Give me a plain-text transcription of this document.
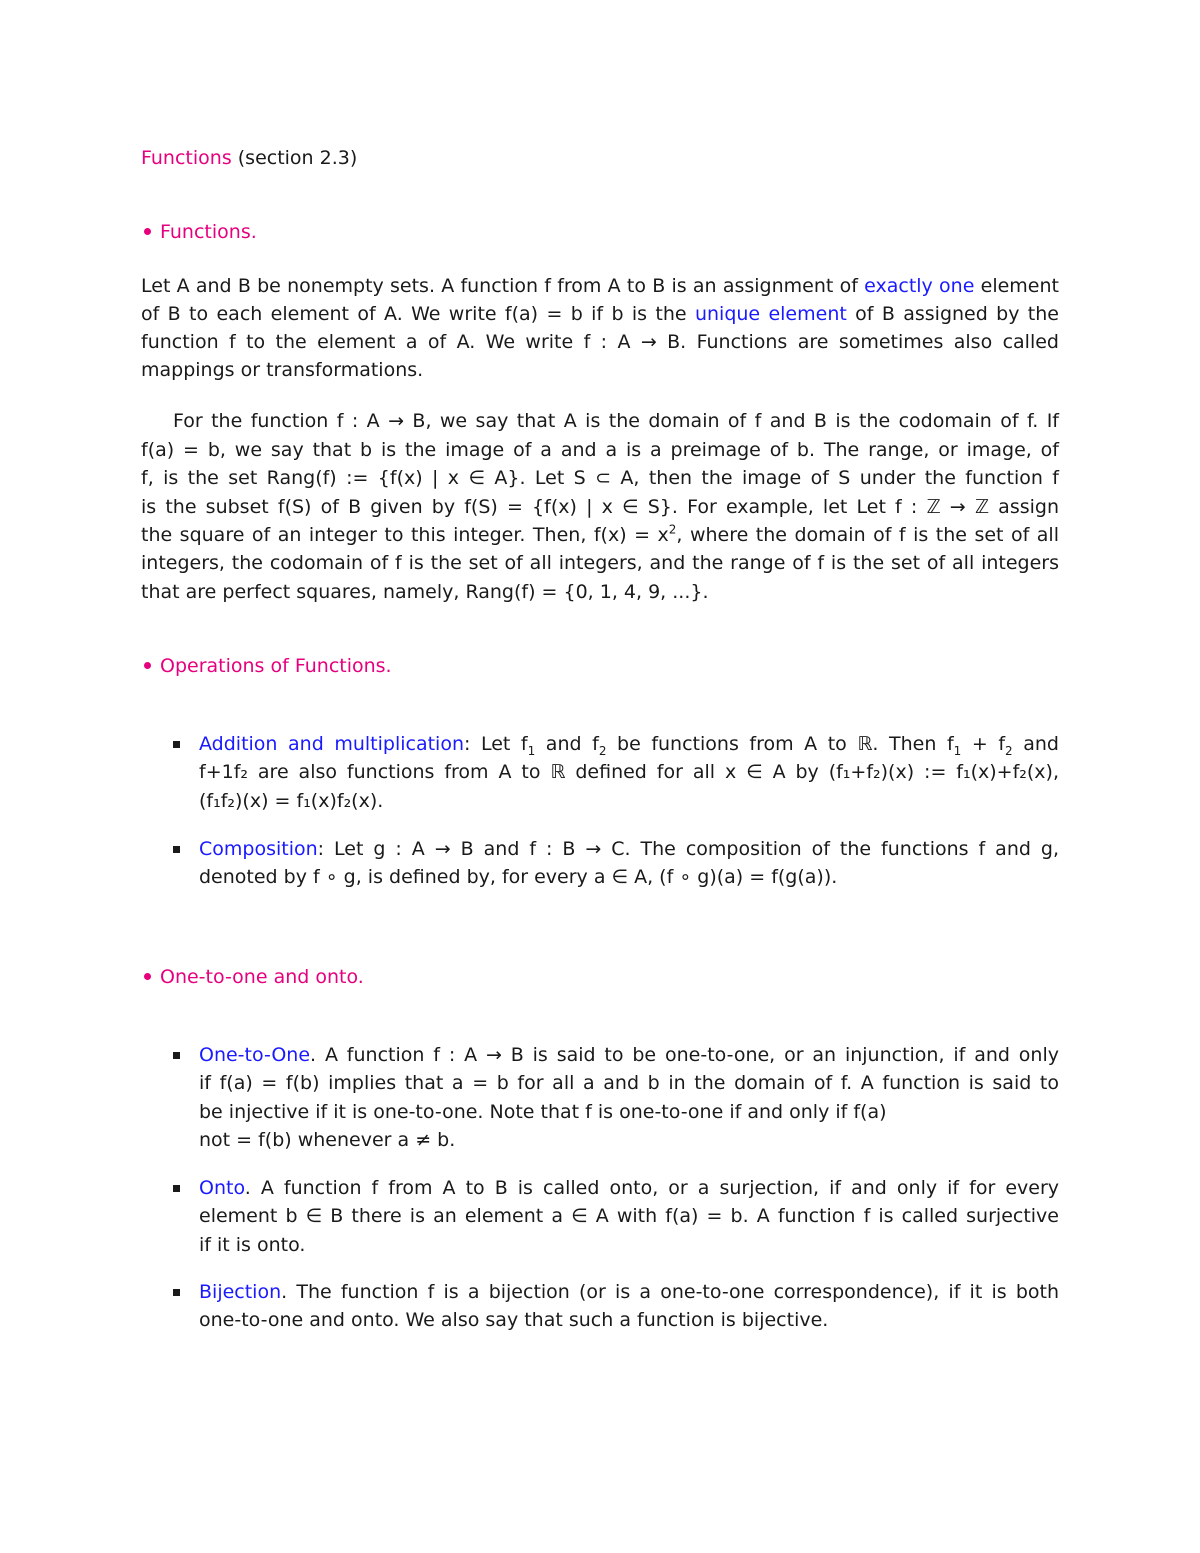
Functions (section 2.3)
Functions.
Let A and B be nonempty sets. A function f from A to B is an assignment of exactly one element
of B to each element of A. We write f(a) = b if b is the unique element of B assigned by the
function f to the element a of A. We write f : A → B. Functions are sometimes also called
mappings or transformations.
For the function f : A → B, we say that A is the domain of f and B is the codomain of f. If
f(a) = b, we say that b is the image of a and a is a preimage of b. The range, or image, of
f, is the set Rang(f) := {f(x) | x ∈ A}. Let S ⊂ A, then the image of S under the function f
is the subset f(S) of B given by f(S) = {f(x) | x ∈ S}. For example, let Let f : ℤ → ℤ assign
the square of an integer to this integer. Then, $f(x) = x^2$, where the domain of f is the set of all
integers, the codomain of f is the set of all integers, and the range of f is the set of all integers
that are perfect squares, namely, Rang(f) = {0, 1, 4, 9, ...}.
Operations of Functions.
Addition and multiplication: Let $f_1$ and $f_2$ be functions from A to ℝ. Then $f_1 + f_2$ and
f+1f₂ are also functions from A to ℝ defined for all x ∈ A by (f₁+f₂)(x) := f₁(x)+f₂(x),
(f₁f₂)(x) = f₁(x)f₂(x).
Composition: Let g : A → B and f : B → C. The composition of the functions f and g,
denoted by f ∘ g, is defined by, for every a ∈ A, (f ∘ g)(a) = f(g(a)).
One-to-one and onto.
One-to-One. A function f : A → B is said to be one-to-one, or an injunction, if and only
if f(a) = f(b) implies that a = b for all a and b in the domain of f. A function is said to
be injective if it is one-to-one. Note that f is one-to-one if and only if f(a)
not = f(b) whenever a ≠ b.
Onto. A function f from A to B is called onto, or a surjection, if and only if for every
element b ∈ B there is an element a ∈ A with f(a) = b. A function f is called surjective
if it is onto.
Bijection. The function f is a bijection (or is a one-to-one correspondence), if it is both
one-to-one and onto. We also say that such a function is bijective.
